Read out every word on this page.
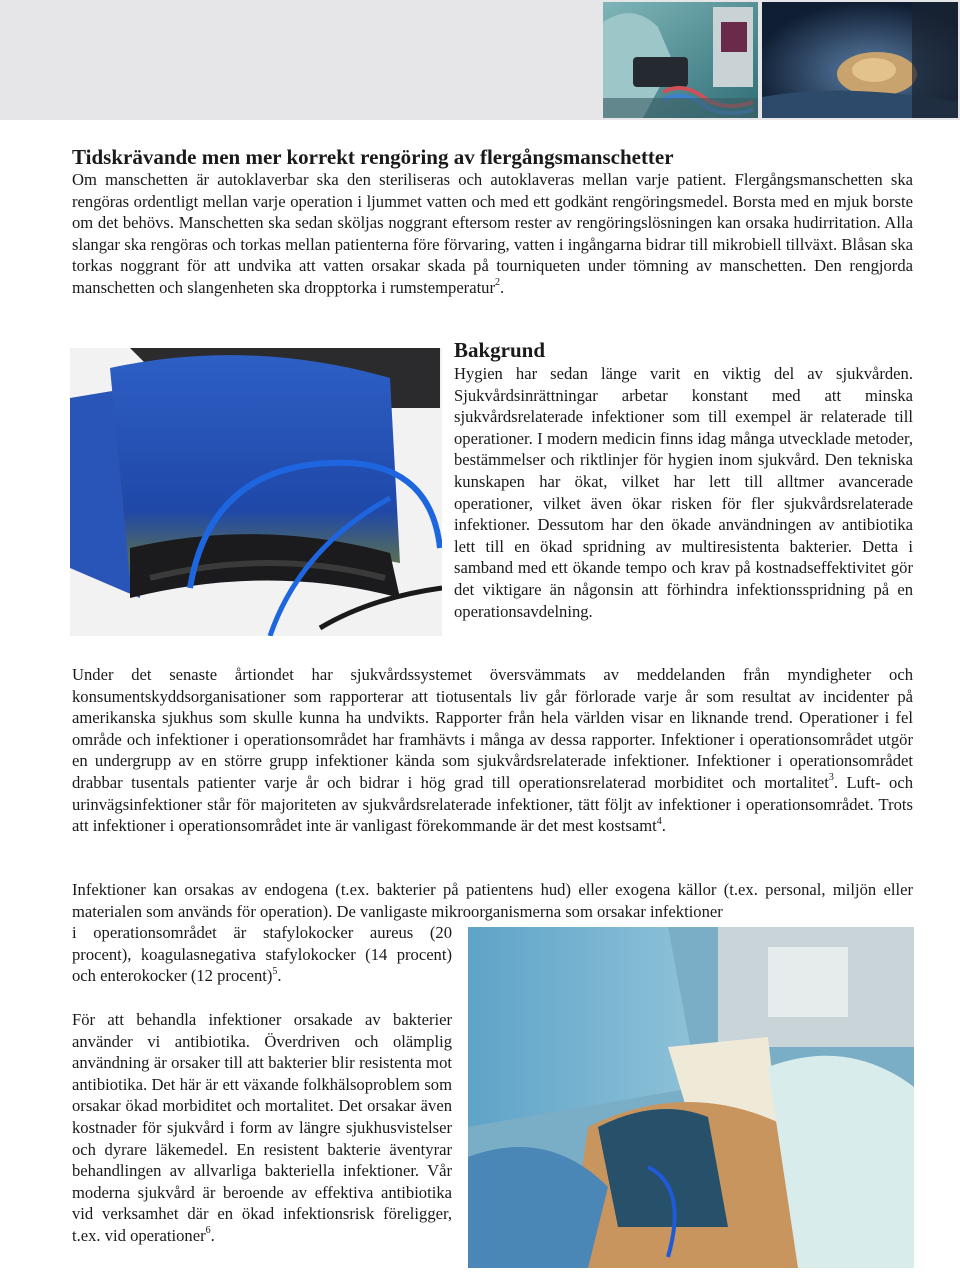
Tidskrävande men mer korrekt rengöring av flergångsmanschetter
Om manschetten är autoklaverbar ska den steriliseras och autoklaveras mellan varje patient. Flergångsmanschetten ska rengöras ordentligt mellan varje operation i ljummet vatten och med ett godkänt rengöringsmedel. Borsta med en mjuk borste om det behövs. Manschetten ska sedan sköljas noggrant eftersom rester av rengöringslösningen kan orsaka hudirritation. Alla slangar ska rengöras och torkas mellan patienterna före förvaring, vatten i ingångarna bidrar till mikrobiell tillväxt. Blåsan ska torkas noggrant för att undvika att vatten orsakar skada på tourniqueten under tömning av manschetten. Den rengjorda manschetten och slangenheten ska dropptorka i rumstemperatur$^2$.
Bakgrund
Hygien har sedan länge varit en viktig del av sjukvården. Sjukvårdsinrättningar arbetar konstant med att minska sjukvårdsrelaterade infektioner som till exempel är relaterade till operationer. I modern medicin finns idag många utvecklade metoder, bestämmelser och riktlinjer för hygien inom sjukvård. Den tekniska kunskapen har ökat, vilket har lett till alltmer avancerade operationer, vilket även ökar risken för fler sjukvårdsrelaterade infektioner. Dessutom har den ökade användningen av antibiotika lett till en ökad spridning av multiresistenta bakterier. Detta i samband med ett ökande tempo och krav på kostnadseffektivitet gör det viktigare än någonsin att förhindra infektionsspridning på en operationsavdelning.
Under det senaste årtiondet har sjukvårdssystemet översvämmats av meddelanden från myndigheter och konsumentskyddsorganisationer som rapporterar att tiotusentals liv går förlorade varje år som resultat av incidenter på amerikanska sjukhus som skulle kunna ha undvikts. Rapporter från hela världen visar en liknande trend. Operationer i fel område och infektioner i operationsområdet har framhävts i många av dessa rapporter. Infektioner i operationsområdet utgör en undergrupp av en större grupp infektioner kända som sjukvårdsrelaterade infektioner. Infektioner i operationsområdet drabbar tusentals patienter varje år och bidrar i hög grad till operationsrelaterad morbiditet och mortalitet$^3$. Luft- och urinvägsinfektioner står för majoriteten av sjukvårdsrelaterade infektioner, tätt följt av infektioner i operationsområdet. Trots att infektioner i operationsområdet inte är vanligast förekommande är det mest kostsamt$^4$.
Infektioner kan orsakas av endogena (t.ex. bakterier på patientens hud) eller exogena källor (t.ex. personal, miljön eller materialen som används för operation). De vanligaste mikroorganismerna som orsakar infektioner
i operationsområdet är stafylokocker aureus (20 procent), koagulasnegativa stafylokocker (14 procent) och enterokocker (12 procent)$^5$.
För att behandla infektioner orsakade av bakterier använder vi antibiotika. Överdriven och olämplig användning är orsaker till att bakterier blir resistenta mot antibiotika. Det här är ett växande folkhälsoproblem som orsakar ökad morbiditet och mortalitet. Det orsakar även kostnader för sjukvård i form av längre sjukhusvistelser och dyrare läkemedel. En resistent bakterie äventyrar behandlingen av allvarliga bakteriella infektioner. Vår moderna sjukvård är beroende av effektiva antibiotika vid verksamhet där en ökad infektionsrisk föreligger, t.ex. vid operationer$^6$.
